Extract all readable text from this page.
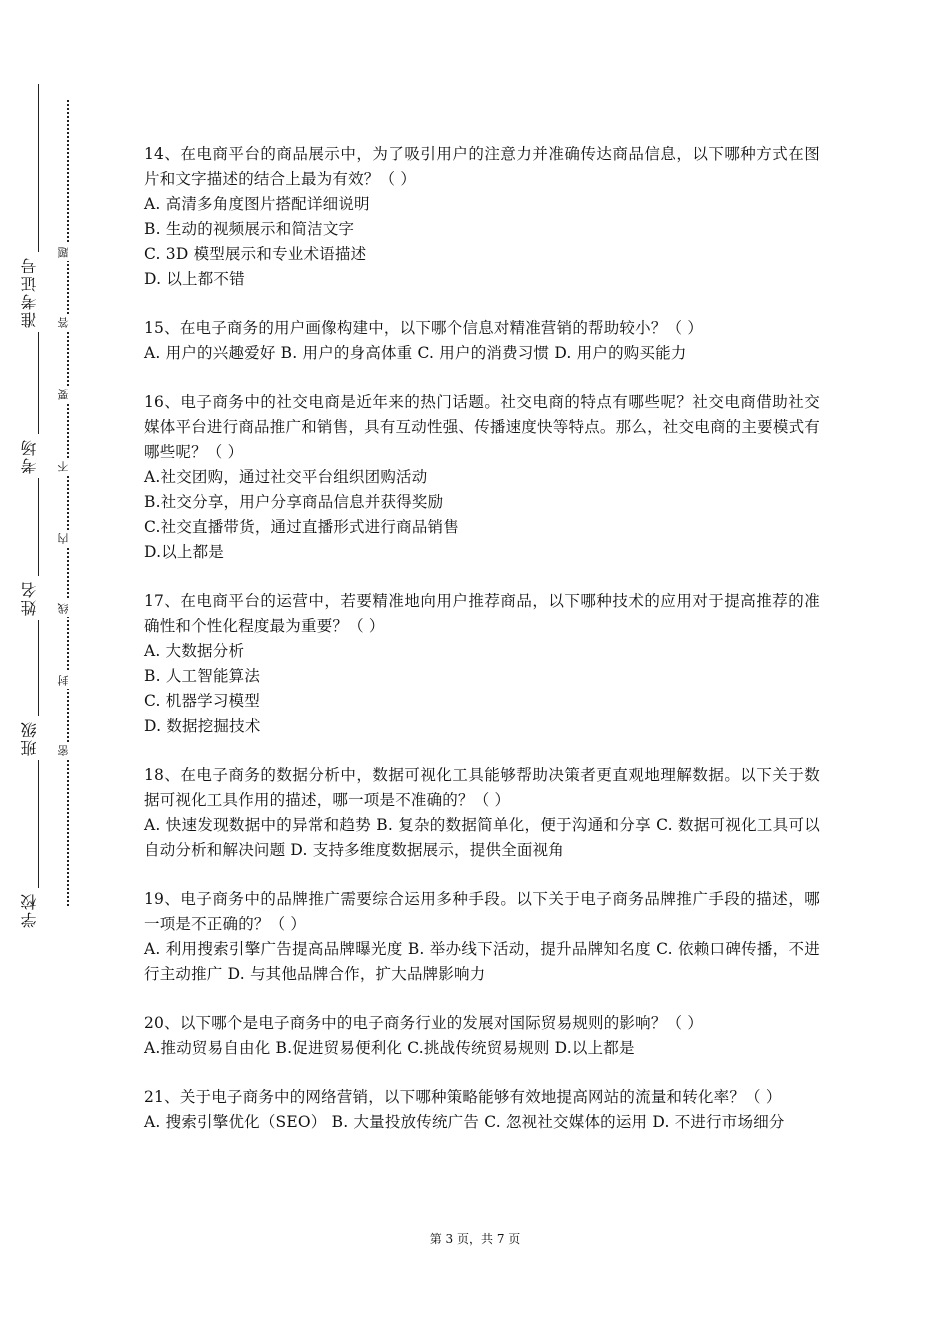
准考证号
考场
姓名
班级
学校
题
答
要
不
内
线
封
密

14、在电商平台的商品展示中，为了吸引用户的注意力并准确传达商品信息，以下哪种方式在图片和文字描述的结合上最为有效？（ ）

A. 高清多角度图片搭配详细说明

B. 生动的视频展示和简洁文字

C. 3D 模型展示和专业术语描述

D. 以上都不错

15、在电子商务的用户画像构建中，以下哪个信息对精准营销的帮助较小？（ ）

A. 用户的兴趣爱好 B. 用户的身高体重 C. 用户的消费习惯 D. 用户的购买能力

16、电子商务中的社交电商是近年来的热门话题。社交电商的特点有哪些呢？社交电商借助社交媒体平台进行商品推广和销售，具有互动性强、传播速度快等特点。那么，社交电商的主要模式有哪些呢？（ ）

A.社交团购，通过社交平台组织团购活动

B.社交分享，用户分享商品信息并获得奖励

C.社交直播带货，通过直播形式进行商品销售

D.以上都是

17、在电商平台的运营中，若要精准地向用户推荐商品，以下哪种技术的应用对于提高推荐的准确性和个性化程度最为重要？（ ）

A. 大数据分析

B. 人工智能算法

C. 机器学习模型

D. 数据挖掘技术

18、在电子商务的数据分析中，数据可视化工具能够帮助决策者更直观地理解数据。以下关于数据可视化工具作用的描述，哪一项是不准确的？（ ）

A. 快速发现数据中的异常和趋势 B. 复杂的数据简单化，便于沟通和分享 C. 数据可视化工具可以自动分析和解决问题 D. 支持多维度数据展示，提供全面视角

19、电子商务中的品牌推广需要综合运用多种手段。以下关于电子商务品牌推广手段的描述，哪一项是不正确的？（ ）

A. 利用搜索引擎广告提高品牌曝光度 B. 举办线下活动，提升品牌知名度 C. 依赖口碑传播，不进行主动推广 D. 与其他品牌合作，扩大品牌影响力

20、以下哪个是电子商务中的电子商务行业的发展对国际贸易规则的影响？（ ）

A.推动贸易自由化 B.促进贸易便利化 C.挑战传统贸易规则 D.以上都是

21、关于电子商务中的网络营销，以下哪种策略能够有效地提高网站的流量和转化率？（ ）

A. 搜索引擎优化（SEO） B. 大量投放传统广告 C. 忽视社交媒体的运用 D. 不进行市场细分

第 3 页，共 7 页
